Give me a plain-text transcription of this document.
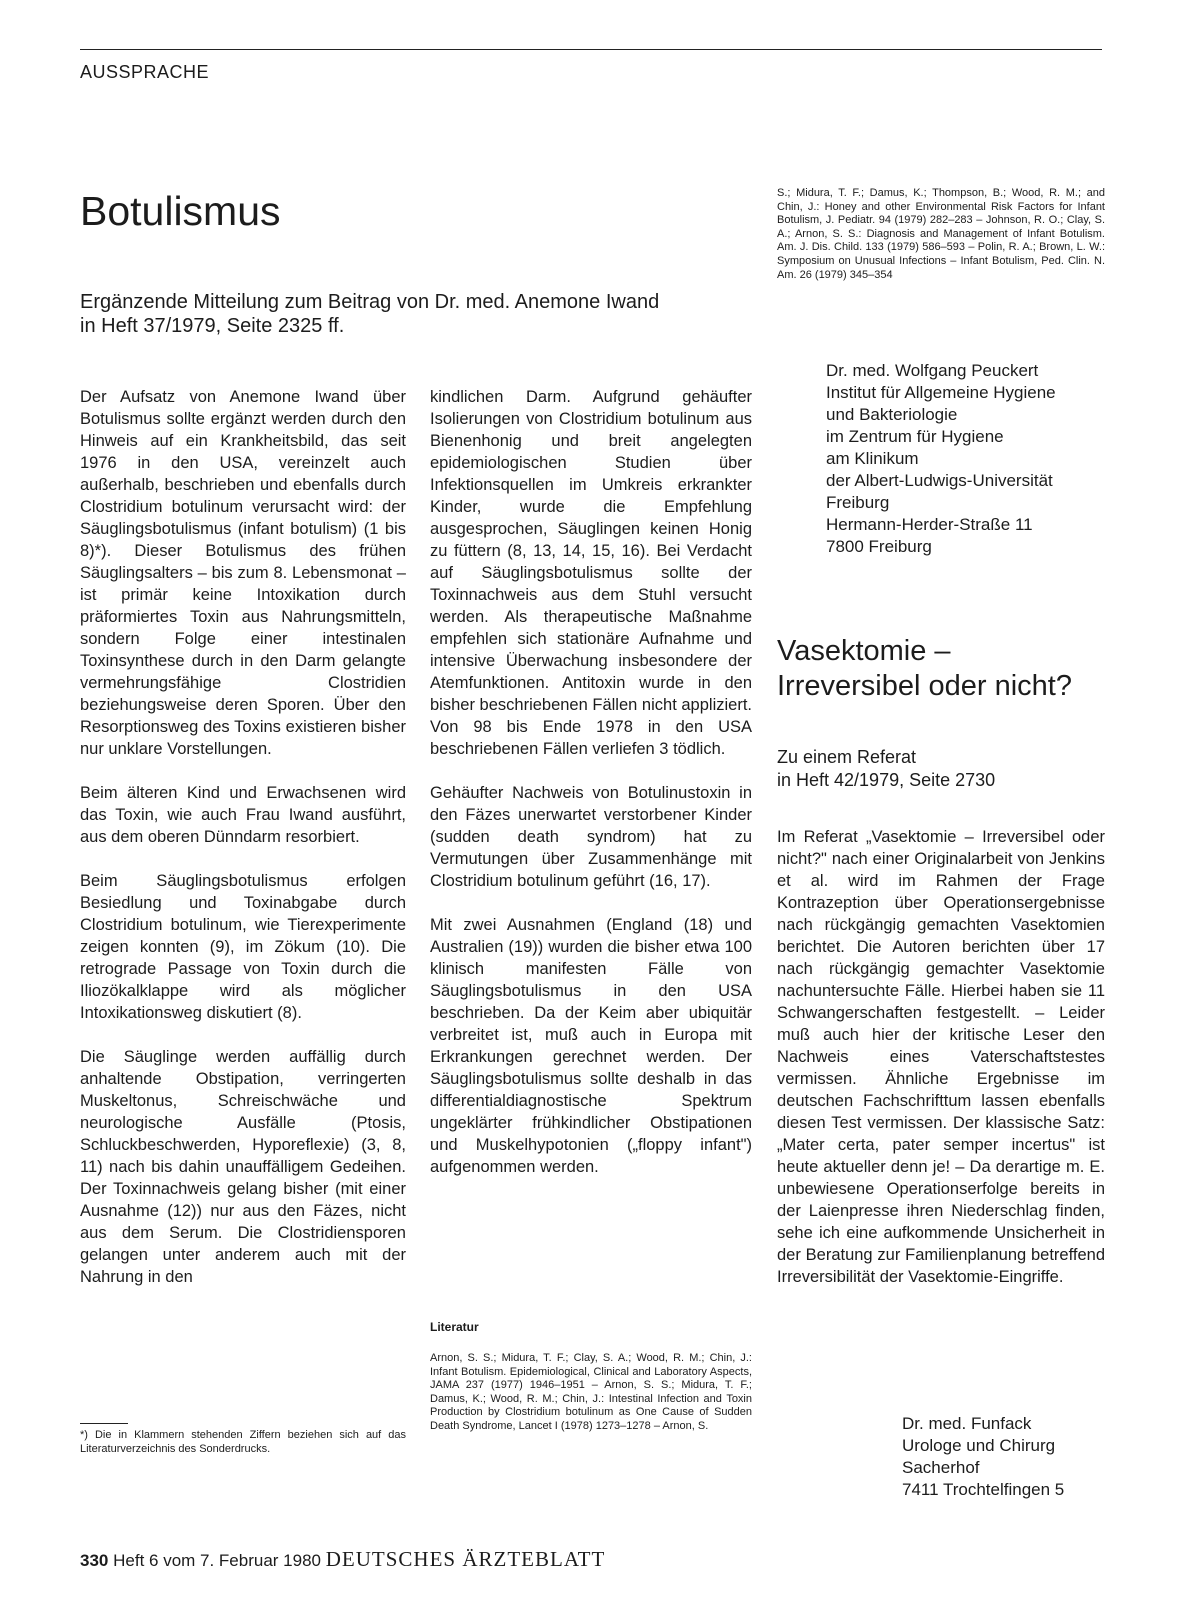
AUSSPRACHE
Botulismus
Ergänzende Mitteilung zum Beitrag von Dr. med. Anemone Iwand
in Heft 37/1979, Seite 2325 ff.
S.; Midura, T. F.; Damus, K.; Thompson, B.; Wood, R. M.; and Chin, J.: Honey and other Environmental Risk Factors for Infant Botulism, J. Pediatr. 94 (1979) 282–283 – Johnson, R. O.; Clay, S. A.; Arnon, S. S.: Diagnosis and Management of Infant Botulism. Am. J. Dis. Child. 133 (1979) 586–593 – Polin, R. A.; Brown, L. W.: Symposium on Unusual Infections – Infant Botulism, Ped. Clin. N. Am. 26 (1979) 345–354

Der Aufsatz von Anemone Iwand über Botulismus sollte ergänzt werden durch den Hinweis auf ein Krankheitsbild, das seit 1976 in den USA, vereinzelt auch außerhalb, beschrieben und ebenfalls durch Clostridium botulinum verursacht wird: der Säuglingsbotulismus (infant botulism) (1 bis 8)*). Dieser Botulismus des frühen Säuglingsalters – bis zum 8. Lebensmonat – ist primär keine Intoxikation durch präformiertes Toxin aus Nahrungsmitteln, sondern Folge einer intestinalen Toxinsynthese durch in den Darm gelangte vermehrungsfähige Clostridien beziehungsweise deren Sporen. Über den Resorptionsweg des Toxins existieren bisher nur unklare Vorstellungen.

Beim älteren Kind und Erwachsenen wird das Toxin, wie auch Frau Iwand ausführt, aus dem oberen Dünndarm resorbiert.

Beim Säuglingsbotulismus erfolgen Besiedlung und Toxinabgabe durch Clostridium botulinum, wie Tierexperimente zeigen konnten (9), im Zökum (10). Die retrograde Passage von Toxin durch die Iliozökalklappe wird als möglicher Intoxikationsweg diskutiert (8).

Die Säuglinge werden auffällig durch anhaltende Obstipation, verringerten Muskeltonus, Schreischwäche und neurologische Ausfälle (Ptosis, Schluckbeschwerden, Hyporeflexie) (3, 8, 11) nach bis dahin unauffälligem Gedeihen. Der Toxinnachweis gelang bisher (mit einer Ausnahme (12)) nur aus den Fäzes, nicht aus dem Serum. Die Clostridiensporen gelangen unter anderem auch mit der Nahrung in den

kindlichen Darm. Aufgrund gehäufter Isolierungen von Clostridium botulinum aus Bienenhonig und breit angelegten epidemiologischen Studien über Infektionsquellen im Umkreis erkrankter Kinder, wurde die Empfehlung ausgesprochen, Säuglingen keinen Honig zu füttern (8, 13, 14, 15, 16). Bei Verdacht auf Säuglingsbotulismus sollte der Toxinnachweis aus dem Stuhl versucht werden. Als therapeutische Maßnahme empfehlen sich stationäre Aufnahme und intensive Überwachung insbesondere der Atemfunktionen. Antitoxin wurde in den bisher beschriebenen Fällen nicht appliziert. Von 98 bis Ende 1978 in den USA beschriebenen Fällen verliefen 3 tödlich.

Gehäufter Nachweis von Botulinustoxin in den Fäzes unerwartet verstorbener Kinder (sudden death syndrom) hat zu Vermutungen über Zusammenhänge mit Clostridium botulinum geführt (16, 17).

Mit zwei Ausnahmen (England (18) und Australien (19)) wurden die bisher etwa 100 klinisch manifesten Fälle von Säuglingsbotulismus in den USA beschrieben. Da der Keim aber ubiquitär verbreitet ist, muß auch in Europa mit Erkrankungen gerechnet werden. Der Säuglingsbotulismus sollte deshalb in das differentialdiagnostische Spektrum ungeklärter frühkindlicher Obstipationen und Muskelhypotonien („floppy infant") aufgenommen werden.

Literatur
Arnon, S. S.; Midura, T. F.; Clay, S. A.; Wood, R. M.; Chin, J.: Infant Botulism. Epidemiological, Clinical and Laboratory Aspects, JAMA 237 (1977) 1946–1951 – Arnon, S. S.; Midura, T. F.; Damus, K.; Wood, R. M.; Chin, J.: Intestinal Infection and Toxin Production by Clostridium botulinum as One Cause of Sudden Death Syndrome, Lancet I (1978) 1273–1278 – Arnon, S.
Dr. med. Wolfgang Peuckert
Institut für Allgemeine Hygiene
und Bakteriologie
im Zentrum für Hygiene
am Klinikum
der Albert-Ludwigs-Universität
Freiburg
Hermann-Herder-Straße 11
7800 Freiburg
Vasektomie –
Irreversibel oder nicht?
Zu einem Referat
in Heft 42/1979, Seite 2730

Im Referat „Vasektomie – Irreversibel oder nicht?" nach einer Originalarbeit von Jenkins et al. wird im Rahmen der Frage Kontrazeption über Operationsergebnisse nach rückgängig gemachten Vasektomien berichtet. Die Autoren berichten über 17 nach rückgängig gemachter Vasektomie nachuntersuchte Fälle. Hierbei haben sie 11 Schwangerschaften festgestellt. – Leider muß auch hier der kritische Leser den Nachweis eines Vaterschaftstestes vermissen. Ähnliche Ergebnisse im deutschen Fachschrifttum lassen ebenfalls diesen Test vermissen. Der klassische Satz: „Mater certa, pater semper incertus" ist heute aktueller denn je! – Da derartige m. E. unbewiesene Operationserfolge bereits in der Laienpresse ihren Niederschlag finden, sehe ich eine aufkommende Unsicherheit in der Beratung zur Familienplanung betreffend Irreversibilität der Vasektomie-Eingriffe.

Dr. med. Funfack
Urologe und Chirurg
Sacherhof
7411 Trochtelfingen 5
*) Die in Klammern stehenden Ziffern beziehen sich auf das Literaturverzeichnis des Sonderdrucks.
330 Heft 6 vom 7. Februar 1980 DEUTSCHES ÄRZTEBLATT
